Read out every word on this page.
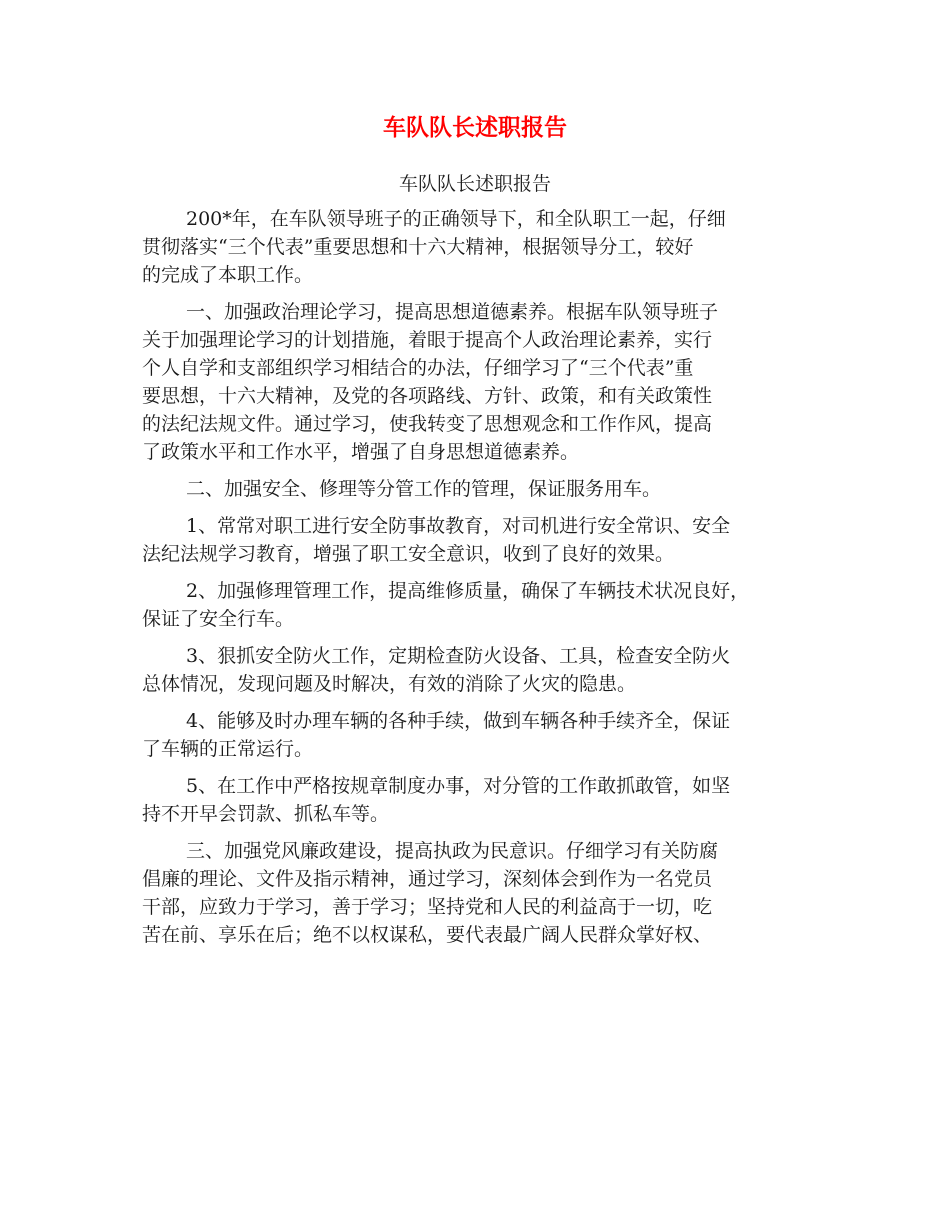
车队队长述职报告
车队队长述职报告
200*年，在车队领导班子的正确领导下，和全队职工一起，仔细
贯彻落实“三个代表”重要思想和十六大精神，根据领导分工，较好
的完成了本职工作。
一、加强政治理论学习，提高思想道德素养。根据车队领导班子
关于加强理论学习的计划措施，着眼于提高个人政治理论素养，实行
个人自学和支部组织学习相结合的办法，仔细学习了“三个代表”重
要思想，十六大精神，及党的各项路线、方针、政策，和有关政策性
的法纪法规文件。通过学习，使我转变了思想观念和工作作风，提高
了政策水平和工作水平，增强了自身思想道德素养。
二、加强安全、修理等分管工作的管理，保证服务用车。
1、常常对职工进行安全防事故教育，对司机进行安全常识、安全
法纪法规学习教育，增强了职工安全意识，收到了良好的效果。
2、加强修理管理工作，提高维修质量，确保了车辆技术状况良好，
保证了安全行车。
3、狠抓安全防火工作，定期检查防火设备、工具，检查安全防火
总体情况，发现问题及时解决，有效的消除了火灾的隐患。
4、能够及时办理车辆的各种手续，做到车辆各种手续齐全，保证
了车辆的正常运行。
5、在工作中严格按规章制度办事，对分管的工作敢抓敢管，如坚
持不开早会罚款、抓私车等。
三、加强党风廉政建设，提高执政为民意识。仔细学习有关防腐
倡廉的理论、文件及指示精神，通过学习，深刻体会到作为一名党员
干部，应致力于学习，善于学习；坚持党和人民的利益高于一切，吃
苦在前、享乐在后；绝不以权谋私，要代表最广阔人民群众掌好权、
